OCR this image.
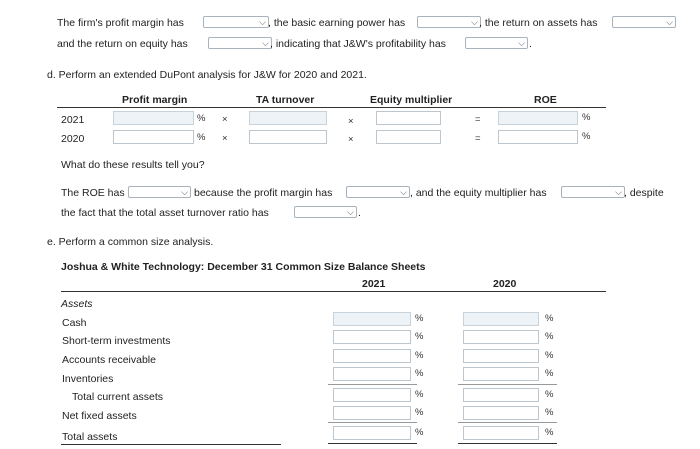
The firm's profit margin has	⌵ , the basic earning power has	⌵ , the return on assets has	⌵
and the return on equity has	⌵ , indicating that J&W's profitability has	⌵ .
d. Perform an extended DuPont analysis for J&W for 2020 and 2021.
Profit margin	TA turnover	Equity multiplier	ROE
2021	% ×	×	=	%
2020	% ×	×	=	%
What do these results tell you?
The ROE has	⌵ because the profit margin has	⌵ , and the equity multiplier has	⌵ , despite
the fact that the total asset turnover ratio has	⌵ .
e. Perform a common size analysis.
Joshua & White Technology: December 31 Common Size Balance Sheets
2021	2020
Assets
Cash	%	%
Short-term investments	%	%
Accounts receivable	%	%
Inventories	%	%
Total current assets	%	%
Net fixed assets	%	%
Total assets	%	%
